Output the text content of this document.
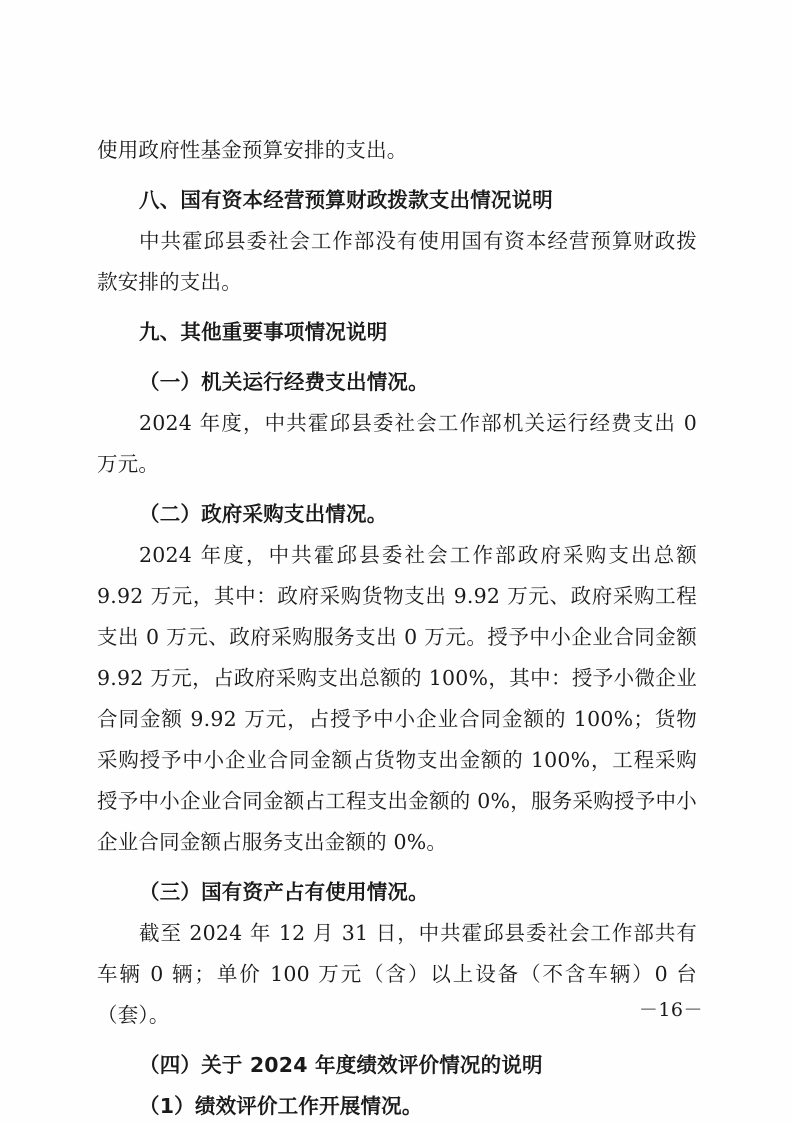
使用政府性基金预算安排的支出。

八、国有资本经营预算财政拨款支出情况说明

中共霍邱县委社会工作部没有使用国有资本经营预算财政拨款安排的支出。

九、其他重要事项情况说明

（一）机关运行经费支出情况。

2024 年度，中共霍邱县委社会工作部机关运行经费支出 0 万元。

（二）政府采购支出情况。

2024 年度，中共霍邱县委社会工作部政府采购支出总额 9.92 万元，其中：政府采购货物支出 9.92 万元、政府采购工程支出 0 万元、政府采购服务支出 0 万元。授予中小企业合同金额 9.92 万元，占政府采购支出总额的 100%，其中：授予小微企业合同金额 9.92 万元，占授予中小企业合同金额的 100%；货物采购授予中小企业合同金额占货物支出金额的 100%，工程采购授予中小企业合同金额占工程支出金额的 0%，服务采购授予中小企业合同金额占服务支出金额的 0%。

（三）国有资产占有使用情况。

截至 2024 年 12 月 31 日，中共霍邱县委社会工作部共有车辆 0 辆；单价 100 万元（含）以上设备（不含车辆）0 台（套）。

（四）关于 2024 年度绩效评价情况的说明

（1）绩效评价工作开展情况。

－16－
